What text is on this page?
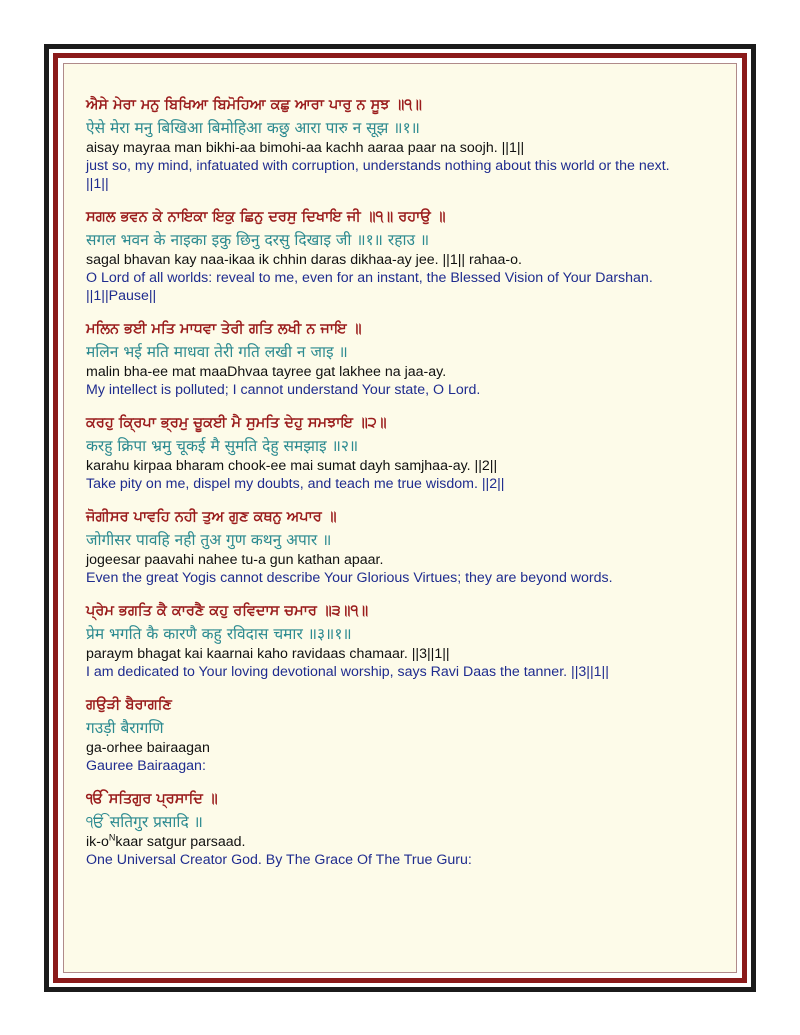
ਐਸੇ ਮੇਰਾ ਮਨੁ ਬਿਖਿਆ ਬਿਮੋਹਿਆ ਕਛੁ ਆਰਾ ਪਾਰੁ ਨ ਸੂਝ ॥੧॥
ऐसे मेरा मनु बिखिआ बिमोहिआ कछु आरा पारु न सूझ ॥१॥
aisay mayraa man bikhi-aa bimohi-aa kachh aaraa paar na soojh. ||1||
just so, my mind, infatuated with corruption, understands nothing about this world or the next. ||1||
ਸਗਲ ਭਵਨ ਕੇ ਨਾਇਕਾ ਇਕੁ ਛਿਨੁ ਦਰਸੁ ਦਿਖਾਇ ਜੀ ॥੧॥ ਰਹਾਉ ॥
सगल भवन के नाइका इकु छिनु दरसु दिखाइ जी ॥१॥ रहाउ ॥
sagal bhavan kay naa-ikaa ik chhin daras dikhaa-ay jee. ||1|| rahaa-o.
O Lord of all worlds: reveal to me, even for an instant, the Blessed Vision of Your Darshan. ||1||Pause||
ਮਲਿਨ ਭਈ ਮਤਿ ਮਾਧਵਾ ਤੇਰੀ ਗਤਿ ਲਖੀ ਨ ਜਾਇ ॥
मलिन भई मति माधवा तेरी गति लखी न जाइ ॥
malin bha-ee mat maaDhvaa tayree gat lakhee na jaa-ay.
My intellect is polluted; I cannot understand Your state, O Lord.
ਕਰਹੁ ਕ੍ਰਿਪਾ ਭ੍ਰਮੁ ਚੂਕਈ ਮੈ ਸੁਮਤਿ ਦੇਹੁ ਸਮਝਾਇ ॥੨॥
करहु क्रिपा भ्रमु चूकई मै सुमति देहु समझाइ ॥२॥
karahu kirpaa bharam chook-ee mai sumat dayh samjhaa-ay. ||2||
Take pity on me, dispel my doubts, and teach me true wisdom. ||2||
ਜੋਗੀਸਰ ਪਾਵਹਿ ਨਹੀ ਤੁਅ ਗੁਣ ਕਥਨੁ ਅਪਾਰ ॥
जोगीसर पावहि नही तुअ गुण कथनु अपार ॥
jogeesar paavahi nahee tu-a gun kathan apaar.
Even the great Yogis cannot describe Your Glorious Virtues; they are beyond words.
ਪ੍ਰੇਮ ਭਗਤਿ ਕੈ ਕਾਰਣੈ ਕਹੁ ਰਵਿਦਾਸ ਚਮਾਰ ॥੩॥੧॥
प्रेम भगति कै कारणै कहु रविदास चमार ॥३॥१॥
paraym bhagat kai kaarnai kaho ravidaas chamaar. ||3||1||
I am dedicated to Your loving devotional worship, says Ravi Daas the tanner. ||3||1||
ਗਉੜੀ ਬੈਰਾਗਣਿ
गउड़ी बैरागणि
ga-orhee bairaagan
Gauree Bairaagan:
ੴ ਸਤਿਗੁਰ ਪ੍ਰਸਾਦਿ ॥
ੴ सतिगुर प्रसादि ॥
$ik-o^Nkaar$ satgur parsaad.
One Universal Creator God. By The Grace Of The True Guru:
